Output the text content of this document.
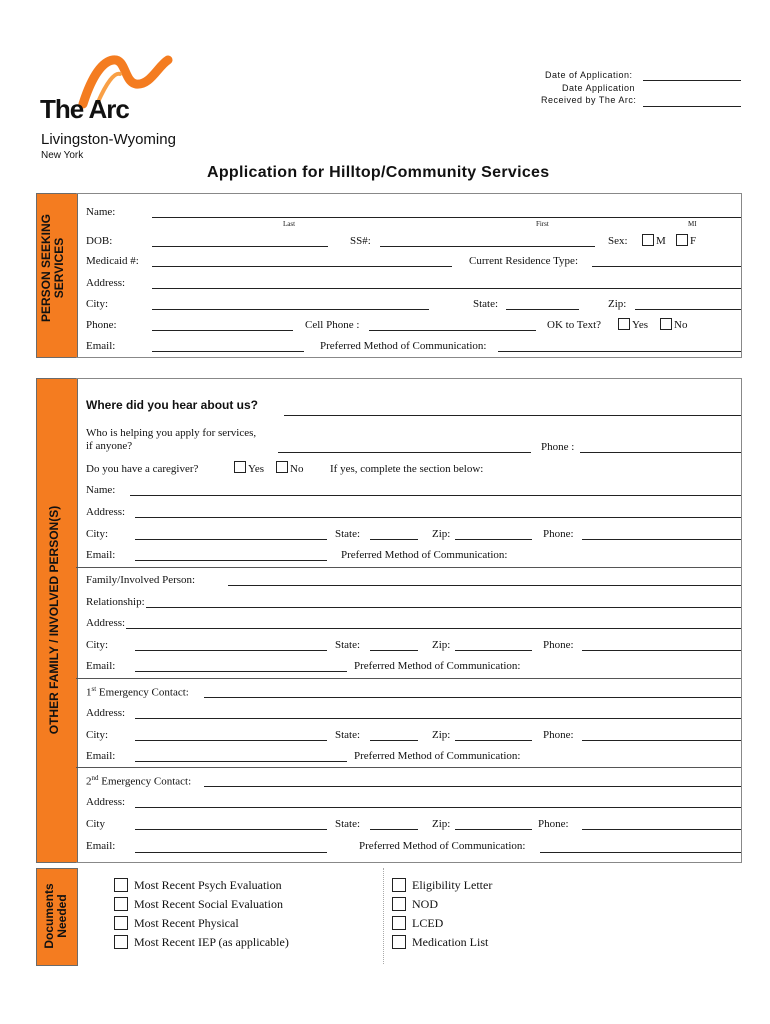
The Arc
Livingston-Wyoming
New York
Date of Application:
Date Application
Received by The Arc:
Application for Hilltop/Community Services
PERSON SEEKING
SERVICES
Name:
Last	First	MI
DOB:	SS#:	Sex:	M F
Medicaid #:	Current Residence Type:
Address:
City:	State:	Zip:
Phone:	Cell Phone :	OK to Text?	Yes No
Email:	Preferred Method of Communication:
OTHER FAMILY / INVOLVED PERSON(S)
Where did you hear about us?
Who is helping you apply for services,
if anyone?	Phone :
Do you have a caregiver?	Yes No If yes, complete the section below:
Name:
Address:
City:	State:	Zip:	Phone:
Email:	Preferred Method of Communication:
Family/Involved Person:
Relationship:
Address:
City:	State:	Zip:	Phone:
Email:	Preferred Method of Communication:
1st Emergency Contact:
Address:
City:	State:	Zip:	Phone:
Email:	Preferred Method of Communication:
2nd Emergency Contact:
Address:
City	State:	Zip:	Phone:
Email:	Preferred Method of Communication:
Documents
Needed
Most Recent Psych Evaluation
Most Recent Social Evaluation
Most Recent Physical
Most Recent IEP (as applicable)
Eligibility Letter
NOD
LCED
Medication List
